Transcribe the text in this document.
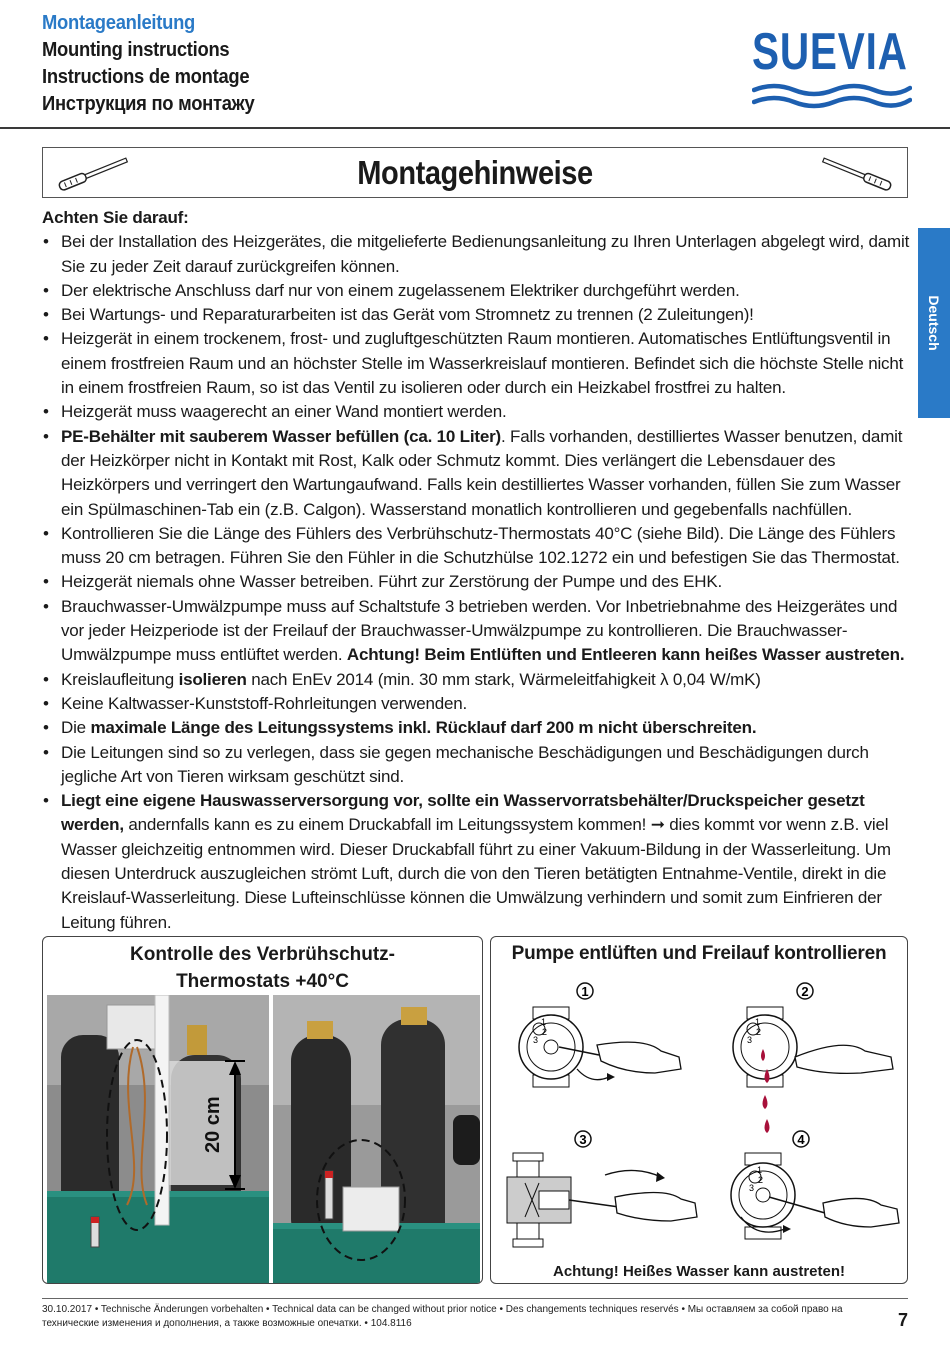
Montageanleitung
Mounting instructions
Instructions de montage
Инструкция по монтажу
SUEVIA
Deutsch
Montagehinweise
Achten Sie darauf:
• Bei der Installation des Heizgerätes, die mitgelieferte Bedienungsanleitung zu Ihren Unterlagen abgelegt wird, damit Sie zu jeder Zeit darauf zurückgreifen können.
• Der elektrische Anschluss darf nur von einem zugelassenem Elektriker durchgeführt werden.
• Bei Wartungs- und Reparaturarbeiten ist das Gerät vom Stromnetz zu trennen (2 Zuleitungen)!
• Heizgerät in einem trockenem, frost- und zugluftgeschützten Raum montieren. Automatisches Entlüftungsventil in einem frostfreien Raum und an höchster Stelle im Wasserkreislauf montieren. Befindet sich die höchste Stelle nicht in einem frostfreien Raum, so ist das Ventil zu isolieren oder durch ein Heizkabel frostfrei zu halten.
• Heizgerät muss waagerecht an einer Wand montiert werden.
• PE-Behälter mit sauberem Wasser befüllen (ca. 10 Liter). Falls vorhanden, destilliertes Wasser benutzen, damit der Heizkörper nicht in Kontakt mit Rost, Kalk oder Schmutz kommt. Dies verlängert die Lebensdauer des Heizkörpers und verringert den Wartungaufwand. Falls kein destilliertes Wasser vorhanden, füllen Sie zum Wasser ein Spülmaschinen-Tab ein (z.B. Calgon). Wasserstand monatlich kontrollieren und gegebenfalls nachfüllen.
• Kontrollieren Sie die Länge des Fühlers des Verbrühschutz-Thermostats 40°C (siehe Bild). Die Länge des Fühlers muss 20 cm betragen. Führen Sie den Fühler in die Schutzhülse 102.1272 ein und befestigen Sie das Thermostat.
• Heizgerät niemals ohne Wasser betreiben. Führt zur Zerstörung der Pumpe und des EHK.
• Brauchwasser-Umwälzpumpe muss auf Schaltstufe 3 betrieben werden. Vor Inbetriebnahme des Heizgerätes und vor jeder Heizperiode ist der Freilauf der Brauchwasser-Umwälzpumpe zu kontrollieren. Die Brauchwasser-Umwälzpumpe muss entlüftet werden. Achtung! Beim Entlüften und Entleeren kann heißes Wasser austreten.
• Kreislaufleitung isolieren nach EnEv 2014 (min. 30 mm stark, Wärmeleitfahigkeit λ 0,04 W/mK)
• Keine Kaltwasser-Kunststoff-Rohrleitungen verwenden.
• Die maximale Länge des Leitungssystems inkl. Rücklauf darf 200 m nicht überschreiten.
• Die Leitungen sind so zu verlegen, dass sie gegen mechanische Beschädigungen und Beschädigungen durch jegliche Art von Tieren wirksam geschützt sind.
• Liegt eine eigene Hauswasserversorgung vor, sollte ein Wasservorratsbehälter/Druckspeicher gesetzt werden, andernfalls kann es zu einem Druckabfall im Leitungssystem kommen! ➞ dies kommt vor wenn z.B. viel Wasser gleichzeitig entnommen wird. Dieser Druckabfall führt zu einer Vakuum-Bildung in der Wasserleitung. Um diesen Unterdruck auszugleichen strömt Luft, durch die von den Tieren betätigten Entnahme-Ventile, direkt in die Kreislauf-Wasserleitung. Diese Lufteinschlüsse können die Umwälzung verhindern und somit zum Einfrieren der Leitung führen.
Kontrolle des Verbrühschutz-Thermostats +40°C
20 cm
Pumpe entlüften und Freilauf kontrollieren
1
1
2
3
2
1
2
3
3	4
1
2
3
Achtung! Heißes Wasser kann austreten!
30.10.2017 • Technische Änderungen vorbehalten • Technical data can be changed without prior notice • Des changements techniques reservés • Мы оставляем за собой право на технические изменения и дополнения, а также возможные опечатки. • 104.8116	7
